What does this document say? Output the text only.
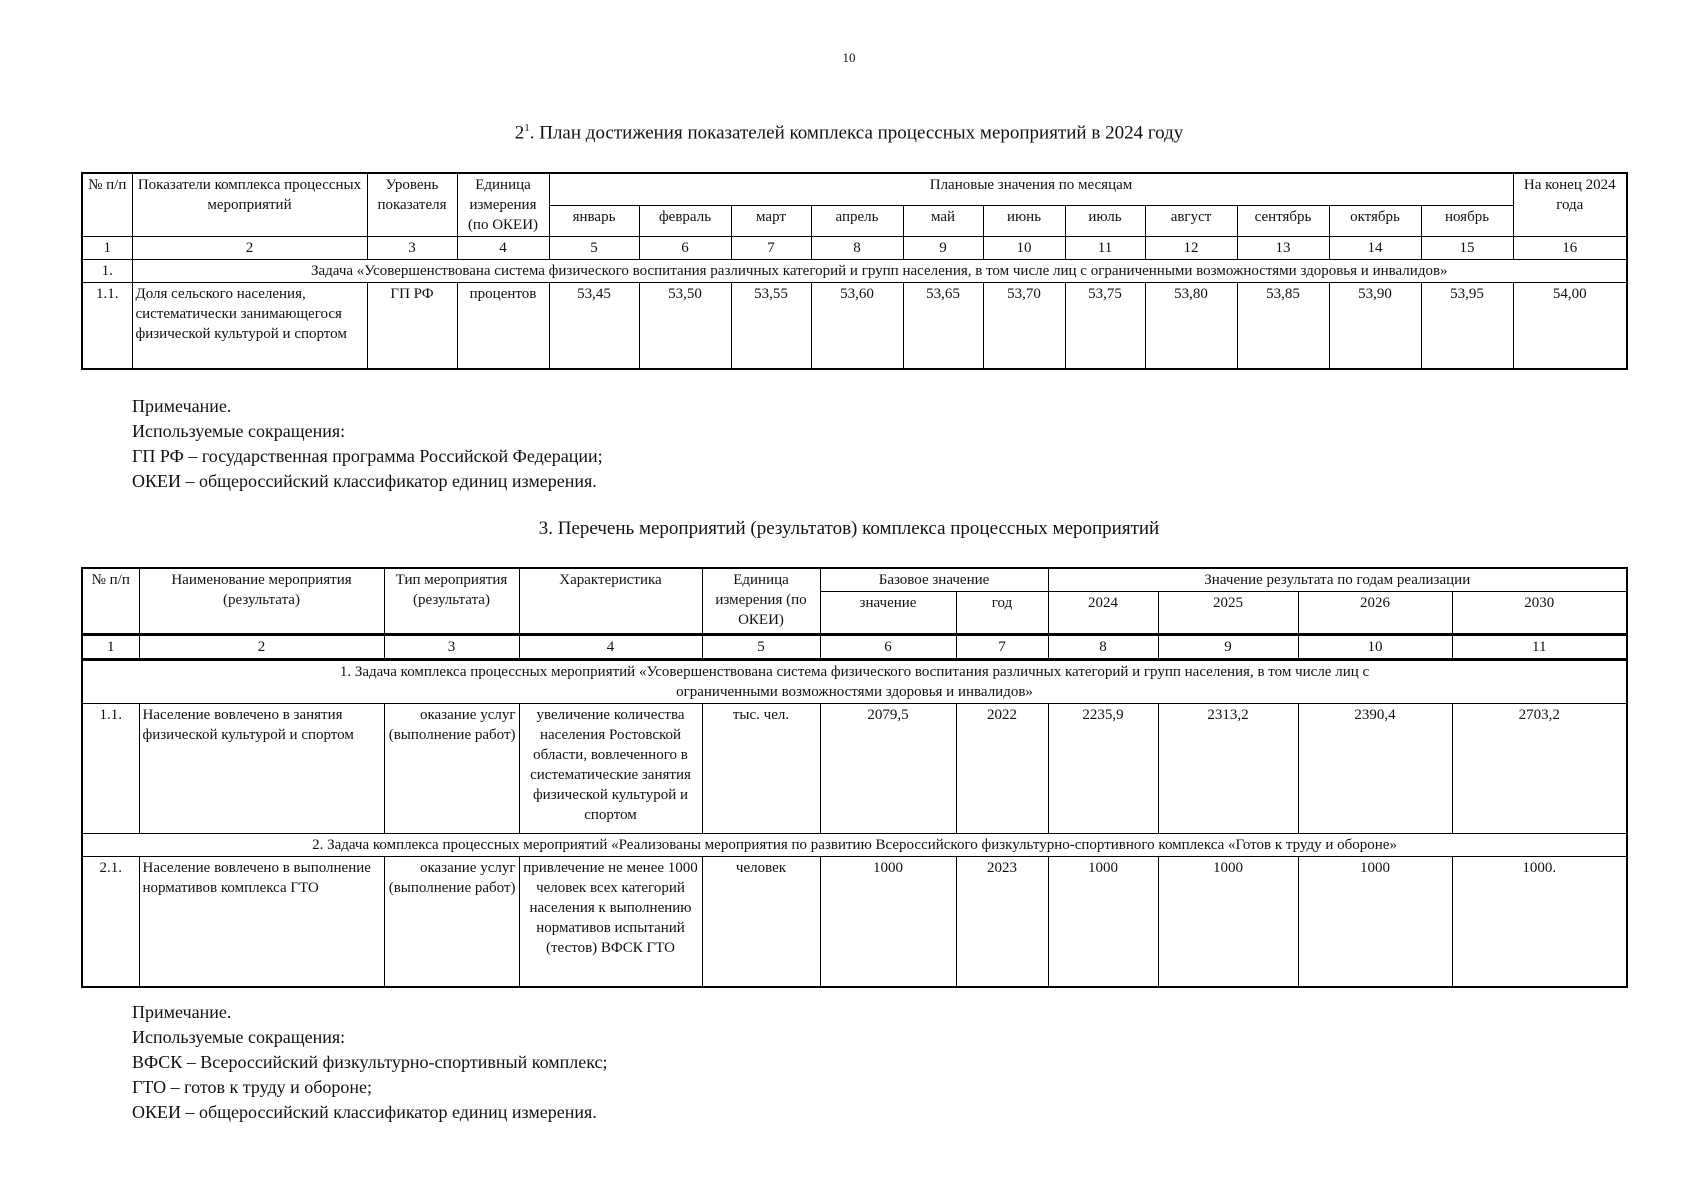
10
$2^1$. План достижения показателей комплекса процессных мероприятий в 2024 году
№ п/п	Показатели комплекса процессных мероприятий	Уровень показателя	Единица измерения (по ОКЕИ)	Плановые значения по месяцам											На конец 2024 года
				январь	февраль	март	апрель	май	июнь	июль	август	сентябрь	октябрь	ноябрь	
1	2	3	4	5	6	7	8	9	10	11	12	13	14	15	16
1.	Задача «Усовершенствована система физического воспитания различных категорий и групп населения, в том числе лиц с ограниченными возможностями здоровья и инвалидов»														
1.1.	Доля сельского населения, систематически занимающегося физической культурой и спортом	ГП РФ	процентов	53,45	53,50	53,55	53,60	53,65	53,70	53,75	53,80	53,85	53,90	53,95	54,00
Примечание.
Используемые сокращения:
ГП РФ – государственная программа Российской Федерации;
ОКЕИ – общероссийский классификатор единиц измерения.
3. Перечень мероприятий (результатов) комплекса процессных мероприятий
№ п/п	Наименование мероприятия (результата)	Тип мероприятия (результата)	Характеристика	Единица измерения (по ОКЕИ)	Базовое значение		Значение результата по годам реализации			
					значение	год	2024	2025	2026	2030
1	2	3	4	5	6	7	8	9	10	11
1. Задача комплекса процессных мероприятий «Усовершенствована система физического воспитания различных категорий и групп населения, в том числе лиц с ограниченными возможностями здоровья и инвалидов»										
1.1.	Население вовлечено в занятия физической культурой и спортом	оказание услуг (выполнение работ)	увеличение количества населения Ростовской области, вовлеченного в систематические занятия физической культурой и спортом	тыс. чел.	2079,5	2022	2235,9	2313,2	2390,4	2703,2
2. Задача комплекса процессных мероприятий «Реализованы мероприятия по развитию Всероссийского физкультурно-спортивного комплекса «Готов к труду и обороне»										
2.1.	Население вовлечено в выполнение нормативов комплекса ГТО	оказание услуг (выполнение работ)	привлечение не менее 1000 человек всех категорий населения к выполнению нормативов испытаний (тестов) ВФСК ГТО	человек	1000	2023	1000	1000	1000	1000.
Примечание.
Используемые сокращения:
ВФСК – Всероссийский физкультурно-спортивный комплекс;
ГТО – готов к труду и обороне;
ОКЕИ – общероссийский классификатор единиц измерения.
